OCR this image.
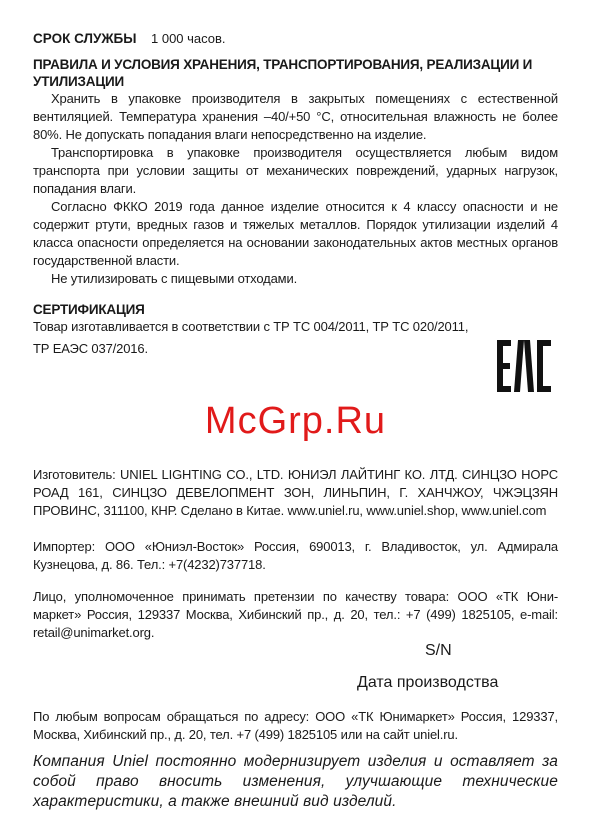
СРОК СЛУЖБЫ 1 000 часов.

ПРАВИЛА И УСЛОВИЯ ХРАНЕНИЯ, ТРАНСПОРТИРОВАНИЯ, РЕАЛИЗАЦИИ И

УТИЛИЗАЦИИ

Хранить в упаковке производителя в закрытых помещениях с естественной вентиляцией. Температура хранения –40/+50 °С, относительная влажность не более 80%. Не допускать попадания влаги непосредственно на изделие.

Транспортировка в упаковке производителя осуществляется любым видом транспорта при условии защиты от механических повреждений, ударных нагрузок, попадания влаги.

Согласно ФККО 2019 года данное изделие относится к 4 классу опасности и не содержит ртути, вредных газов и тяжелых металлов. Порядок утилизации изделий 4 класса опасности определяется на основании законодательных актов местных органов государственной власти.

Не утилизировать с пищевыми отходами.

СЕРТИФИКАЦИЯ

Товар изготавливается в соответствии с ТР ТС 004/2011, ТР ТС 020/2011,

ТР ЕАЭС 037/2016.

McGrp.Ru

Изготовитель: UNIEL LIGHTING CO., LTD. ЮНИЭЛ ЛАЙТИНГ КО. ЛТД. СИНЦЗО НОРС РОАД 161, СИНЦЗО ДЕВЕЛОПМЕНТ ЗОН, ЛИНЬПИН, Г. ХАНЧЖОУ, ЧЖЭЦЗЯН ПРОВИНС, 311100, КНР. Сделано в Китае. www.uniel.ru, www.uniel.shop, www.uniel.com

Импортер: ООО «Юниэл-Восток» Россия, 690013, г. Владивосток, ул. Адмирала Кузнецова, д. 86. Тел.: +7(4232)737718.

Лицо, уполномоченное принимать претензии по качеству товара: ООО «ТК Юни-маркет» Россия, 129337 Москва, Хибинский пр., д. 20, тел.: +7 (499) 1825105, e-mail: retail@unimarket.org.

S/N
Дата производства

По любым вопросам обращаться по адресу: ООО «ТК Юнимаркет» Россия, 129337, Москва, Хибинский пр., д. 20, тел. +7 (499) 1825105 или на сайт uniel.ru.

Компания Uniel постоянно модернизирует изделия и оставляет за собой право вносить изменения, улучшающие технические характеристики, а также внешний вид изделий.
